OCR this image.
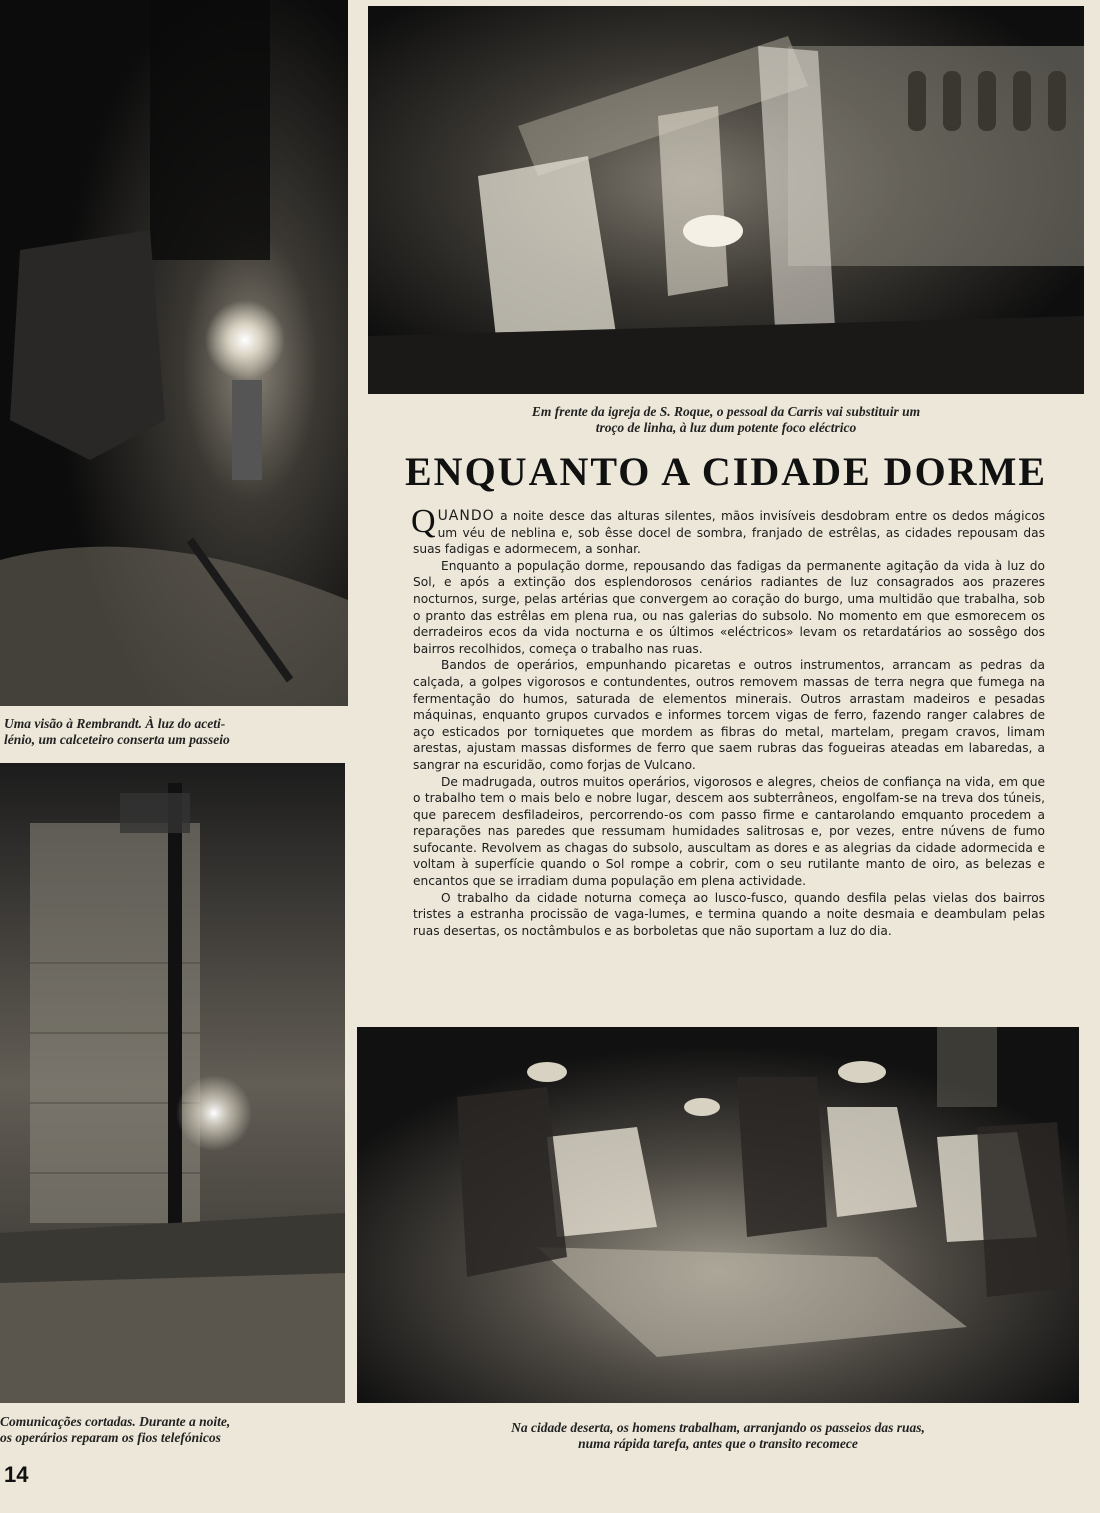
Uma visão à Rembrandt. À luz do aceti-
lénio, um calceteiro conserta um passeio
Em frente da igreja de S. Roque, o pessoal da Carris vai substituir um
troço de linha, à luz dum potente foco eléctrico
ENQUANTO A CIDADE DORME

QUANDO a noite desce das alturas silentes, mãos invisíveis desdobram entre os dedos mágicos um véu de neblina e, sob êsse docel de sombra, franjado de estrêlas, as cidades repousam das suas fadigas e adormecem, a sonhar.

Enquanto a população dorme, repousando das fadigas da permanente agitação da vida à luz do Sol, e após a extinção dos esplendorosos cenários radiantes de luz consagrados aos prazeres nocturnos, surge, pelas artérias que convergem ao coração do burgo, uma multidão que trabalha, sob o pranto das estrêlas em plena rua, ou nas galerias do subsolo. No momento em que esmorecem os derradeiros ecos da vida nocturna e os últimos «eléctricos» levam os retardatários ao sossêgo dos bairros recolhidos, começa o trabalho nas ruas.

Bandos de operários, empunhando picaretas e outros instrumentos, arrancam as pedras da calçada, a golpes vigorosos e contundentes, outros removem massas de terra negra que fumega na fermentação do humos, saturada de elementos minerais. Outros arrastam madeiros e pesadas máquinas, enquanto grupos curvados e informes torcem vigas de ferro, fazendo ranger calabres de aço esticados por torniquetes que mordem as fibras do metal, martelam, pregam cravos, limam arestas, ajustam massas disformes de ferro que saem rubras das fogueiras ateadas em labaredas, a sangrar na escuridão, como forjas de Vulcano.

De madrugada, outros muitos operários, vigorosos e alegres, cheios de confiança na vida, em que o trabalho tem o mais belo e nobre lugar, descem aos subterrâneos, engolfam-se na treva dos túneis, que parecem desfiladeiros, percorrendo-os com passo firme e cantarolando emquanto procedem a reparações nas paredes que ressumam humidades salitrosas e, por vezes, entre núvens de fumo sufocante. Revolvem as chagas do subsolo, auscultam as dores e as alegrias da cidade adormecida e voltam à superfície quando o Sol rompe a cobrir, com o seu rutilante manto de oiro, as belezas e encantos que se irradiam duma população em plena actividade.

O trabalho da cidade noturna começa ao lusco-fusco, quando desfila pelas vielas dos bairros tristes a estranha procissão de vaga-lumes, e termina quando a noite desmaia e deambulam pelas ruas desertas, os noctâmbulos e as borboletas que não suportam a luz do dia.

Comunicações cortadas. Durante a noite,
os operários reparam os fios telefónicos
Na cidade deserta, os homens trabalham, arranjando os passeios das ruas,
numa rápida tarefa, antes que o transito recomece
14
